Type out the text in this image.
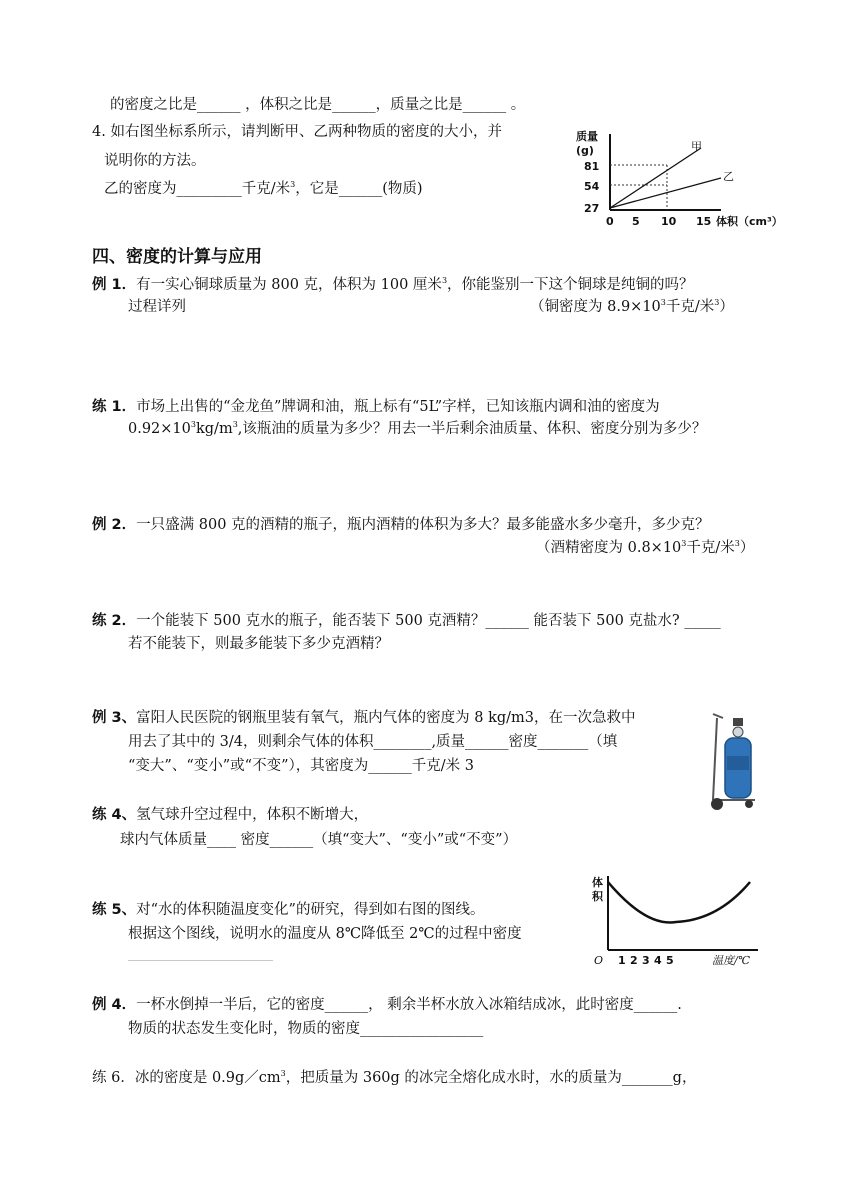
的密度之比是______ ，体积之比是______，质量之比是______ 。
4. 如右图坐标系所示，请判断甲、乙两种物质的密度的大小，并
说明你的方法。
乙的密度为_________千克/米$^3$，它是______(物质)
质量
(g)
81
54
27
0 5 10 15 体积（cm³）
甲
乙
四、密度的计算与应用
例 1．有一实心铜球质量为 800 克，体积为 100 厘米$^3$，你能鉴别一下这个铜球是纯铜的吗？
过程详列	（铜密度为 $8.9\times 10^3$千克/米$^3$）
练 1．市场上出售的“金龙鱼”牌调和油，瓶上标有“5L”字样，已知该瓶内调和油的密度为
$0.92\times 10^3kg/m^3$,该瓶油的质量为多少？用去一半后剩余油质量、体积、密度分别为多少？
例 2．一只盛满 800 克的酒精的瓶子，瓶内酒精的体积为多大？最多能盛水多少毫升，多少克？
（酒精密度为 $0.8\times 10^3$千克/米$^3$）
练 2．一个能装下 500 克水的瓶子，能否装下 500 克酒精？______ 能否装下 500 克盐水? _____
若不能装下，则最多能装下多少克酒精？
例 3、富阳人民医院的钢瓶里装有氧气，瓶内气体的密度为 8 kg/m3，在一次急救中
用去了其中的 3/4，则剩余气体的体积________,质量______密度_______（填
“变大”、“变小”或“不变”），其密度为______千克/米 3
练 4、氢气球升空过程中，体积不断增大，
球内气体质量____ 密度______（填“变大”、“变小”或“不变”）
体
积
O 1 2 3 4 5	温度/℃
练 5、对“水的体积随温度变化”的研究，得到如右图的图线。
根据这个图线，说明水的温度从 8℃降低至 2℃的过程中密度
_____________________________
例 4．一杯水倒掉一半后，它的密度______， 剩余半杯水放入冰箱结成冰，此时密度______.
物质的状态发生变化时，物质的密度_________________
练 6．冰的密度是 $0.9g/cm^3$，把质量为 360g 的冰完全熔化成水时，水的质量为_______g，
